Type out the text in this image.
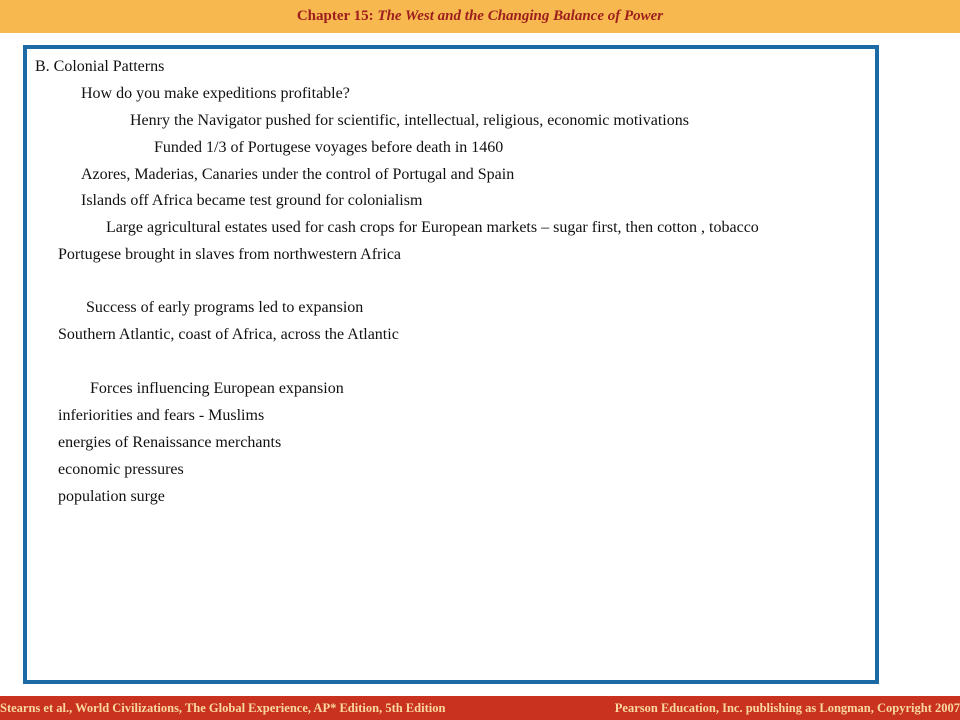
Chapter 15:
The West and the Changing Balance of Power
B. Colonial Patterns
How do you make expeditions profitable?
Henry the Navigator pushed for scientific, intellectual, religious, economic motivations
Funded 1/3 of Portugese voyages before death in 1460
Azores, Maderias, Canaries under the control of Portugal and Spain
Islands off Africa became test ground for colonialism
Large agricultural estates used for cash crops for European markets – sugar first, then cotton , tobacco
Portugese brought in slaves from northwestern Africa
Success of early programs led to expansion
Southern Atlantic, coast of Africa, across the Atlantic
Forces influencing European expansion
inferiorities and fears - Muslims
energies of Renaissance merchants
economic pressures
population surge
Stearns et al., World Civilizations, The Global Experience, AP* Edition, 5th Edition	Pearson Education, Inc. publishing as Longman, Copyright 2007
